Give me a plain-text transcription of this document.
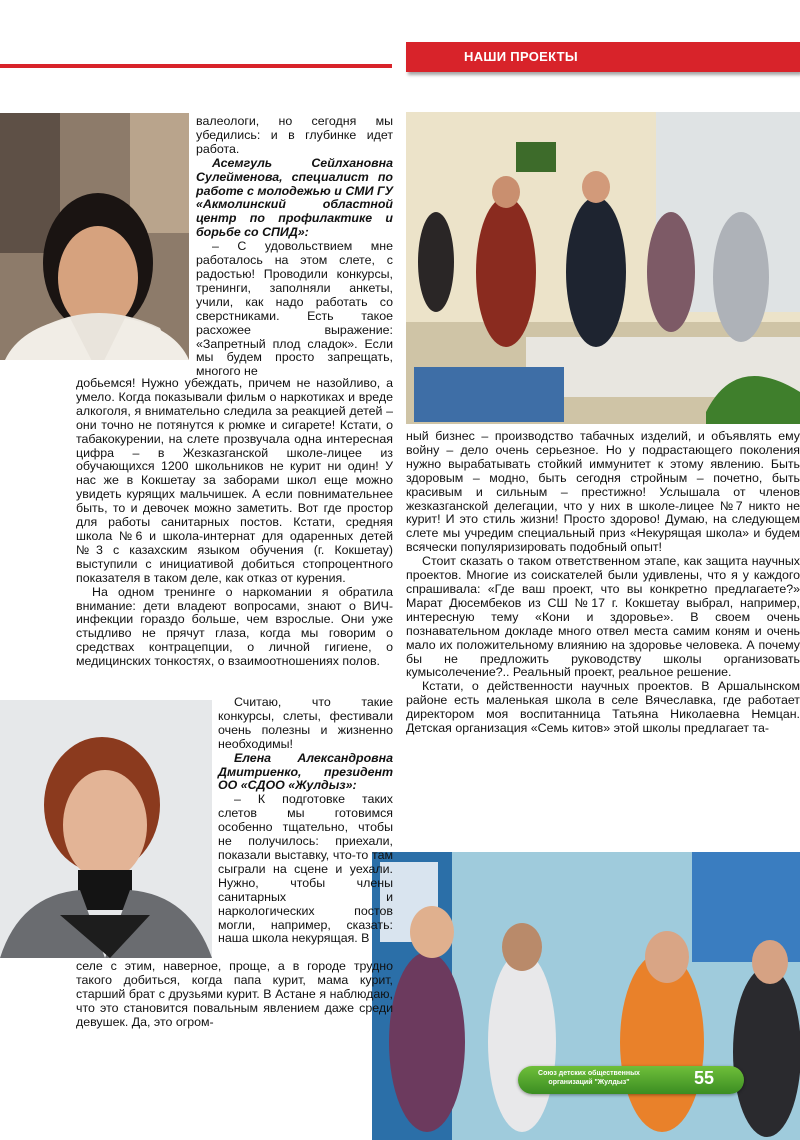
НАШИ ПРОЕКТЫ

валеологи, но сегодня мы убедились: и в глубинке идет работа.

Асемгуль Сейлхановна Сулейменова, специалист по работе с молодежью и СМИ ГУ «Акмолинский областной центр по профилактике и борьбе со СПИД»:

– С удовольствием мне работалось на этом слете, с радостью! Проводили конкурсы, тренинги, заполняли анкеты, учили, как надо работать со сверстниками. Есть такое расхожее выражение: «Запретный плод сладок». Если мы будем просто запрещать, многого не

добьемся! Нужно убеждать, причем не назойливо, а умело. Когда показывали фильм о наркотиках и вреде алкоголя, я внимательно следила за реакцией детей – они точно не потянутся к рюмке и сигарете! Кстати, о табакокурении, на слете прозвучала одна интересная цифра – в Жезказганской школе-лицее из обучающихся 1200 школьников не курит ни один! У нас же в Кокшетау за заборами школ еще можно увидеть курящих мальчишек. А если повнимательнее быть, то и девочек можно заметить. Вот где простор для работы санитарных постов. Кстати, средняя школа №6 и школа-интернат для одаренных детей №3 с казахским языком обучения (г. Кокшетау) выступили с инициативой добиться стопроцентного показателя в таком деле, как отказ от курения.

На одном тренинге о наркомании я обратила внимание: дети владеют вопросами, знают о ВИЧ-инфекции гораздо больше, чем взрослые. Они уже стыдливо не прячут глаза, когда мы говорим о средствах контрацепции, о личной гигиене, о медицинских тонкостях, о взаимоотношениях полов.

Считаю, что такие конкурсы, слеты, фестивали очень полезны и жизненно необходимы!

Елена Александровна Дмитриенко, президент ОО «СДОО «Жулдыз»:

– К подготовке таких слетов мы готовимся особенно тщательно, чтобы не получилось: приехали, показали выставку, что-то там сыграли на сцене и уехали. Нужно, чтобы члены санитарных и наркологических постов могли, например, сказать: наша школа некурящая. В

селе с этим, наверное, проще, а в городе трудно такого добиться, когда папа курит, мама курит, старший брат с друзьями курит. В Астане я наблюдаю, что это становится повальным явлением даже среди девушек. Да, это огром-

ный бизнес – производство табачных изделий, и объявлять ему войну – дело очень серьезное. Но у подрастающего поколения нужно вырабатывать стойкий иммунитет к этому явлению. Быть здоровым – модно, быть сегодня стройным – почетно, быть красивым и сильным – престижно! Услышала от членов жезказганской делегации, что у них в школе-лицее №7 никто не курит! И это стиль жизни! Просто здорово! Думаю, на следующем слете мы учредим специальный приз «Некурящая школа» и будем всячески популяризировать подобный опыт!

Стоит сказать о таком ответственном этапе, как защита научных проектов. Многие из соискателей были удивлены, что я у каждого спрашивала: «Где ваш проект, что вы конкретно предлагаете?» Марат Дюсембеков из СШ №17 г. Кокшетау выбрал, например, интересную тему «Кони и здоровье». В своем очень познавательном докладе много отвел места самим коням и очень мало их положительному влиянию на здоровье человека. А почему бы не предложить руководству школы организовать кумысолечение?.. Реальный проект, реальное решение.

Кстати, о действенности научных проектов. В Аршалынском районе есть маленькая школа в селе Вячеславка, где работает директором моя воспитанница Татьяна Николаевна Немцан. Детская организация «Семь китов» этой школы предлагает та-

Союз детских общественных организаций "Жулдыз"	55
